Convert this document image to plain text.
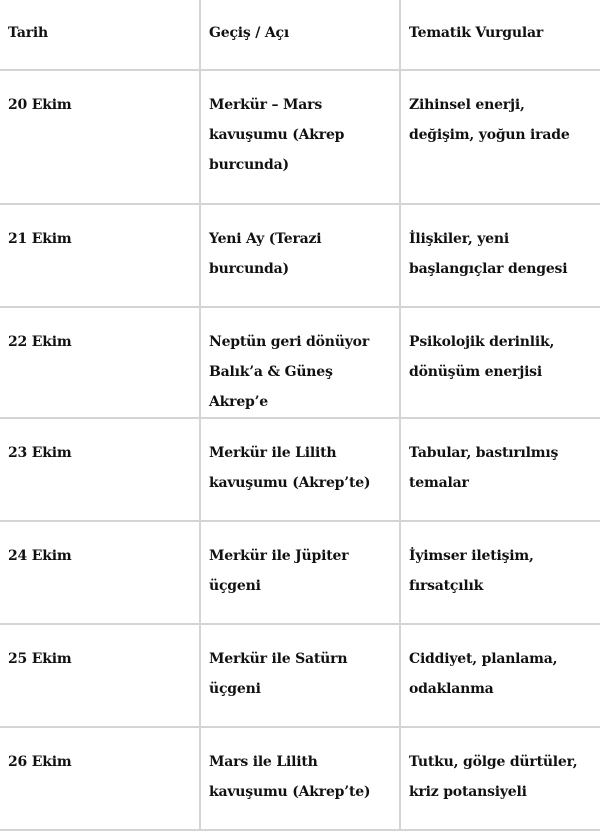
Tarih	Geçiş / Açı	Tematik Vurgular
20 Ekim	Merkür – Mars kavuşumu (Akrep burcunda)	Zihinsel enerji, değişim, yoğun irade
21 Ekim	Yeni Ay (Terazi burcunda)	İlişkiler, yeni başlangıçlar dengesi
22 Ekim	Neptün geri dönüyor Balık’a & Güneş Akrep’e	Psikolojik derinlik, dönüşüm enerjisi
23 Ekim	Merkür ile Lilith kavuşumu (Akrep’te)	Tabular, bastırılmış temalar
24 Ekim	Merkür ile Jüpiter üçgeni	İyimser iletişim, fırsatçılık
25 Ekim	Merkür ile Satürn üçgeni	Ciddiyet, planlama, odaklanma
26 Ekim	Mars ile Lilith kavuşumu (Akrep’te)	Tutku, gölge dürtüler, kriz potansiyeli
